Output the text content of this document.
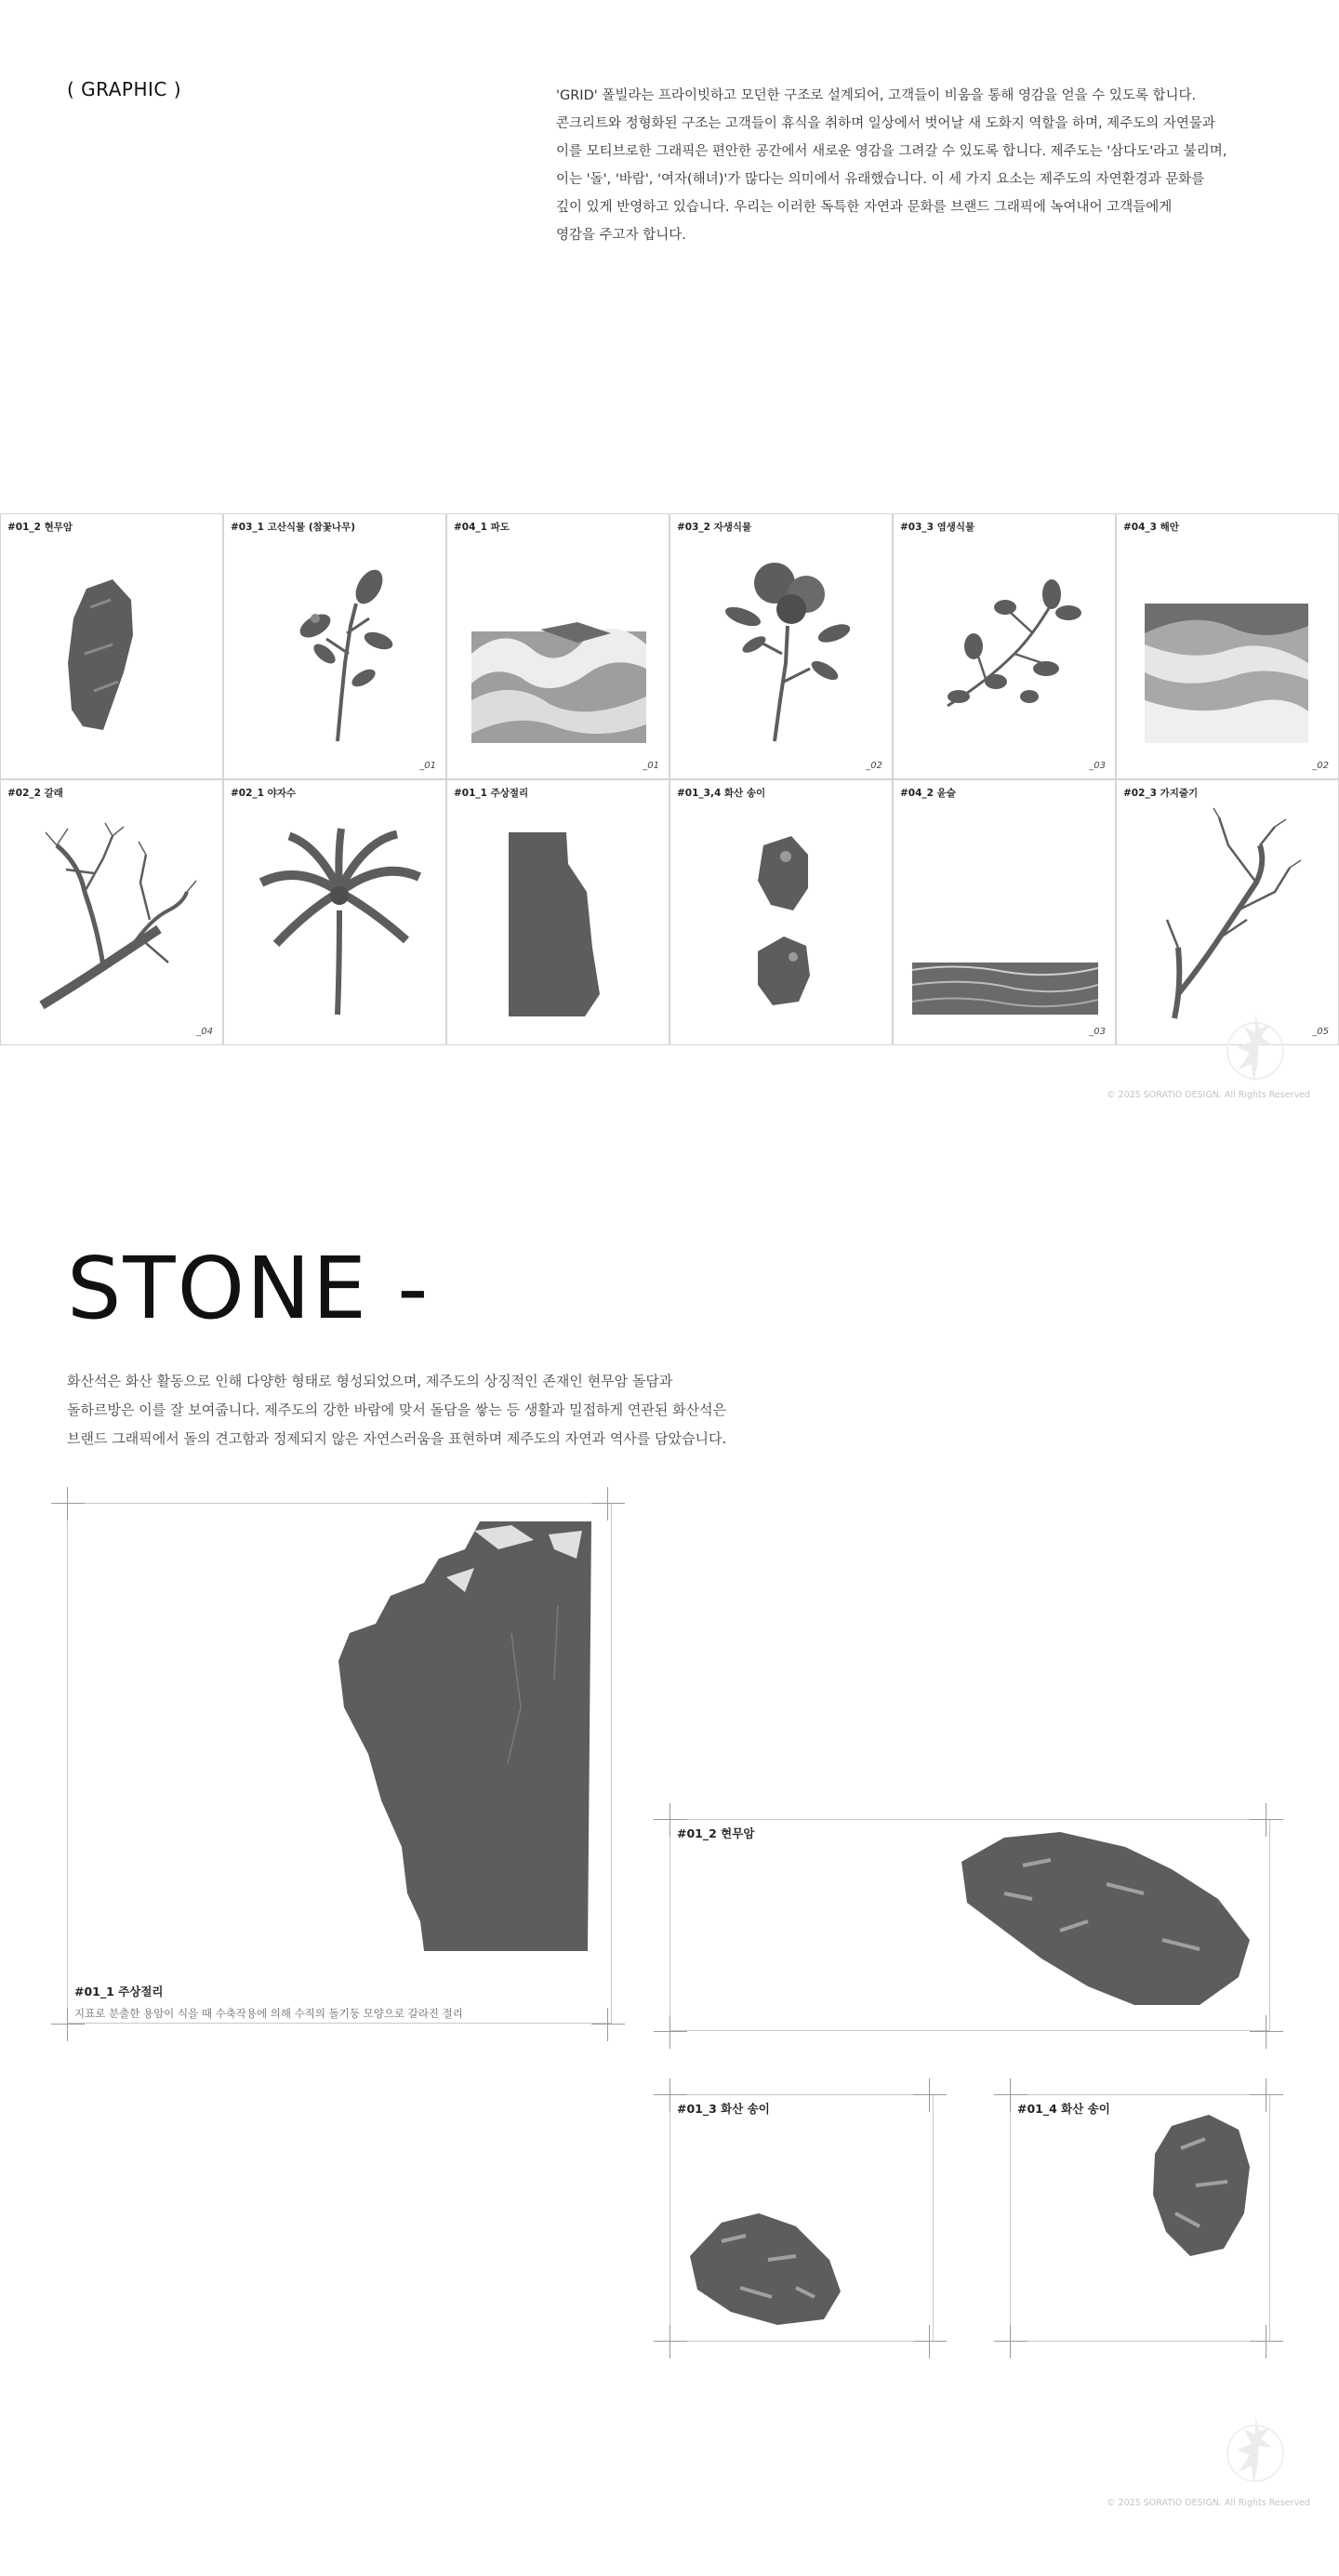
( GRAPHIC )	'GRID' 폴빌라는 프라이빗하고 모던한 구조로 설계되어, 고객들이 비움을 통해 영감을 얻을 수 있도록 합니다.

콘크리트와 정형화된 구조는 고객들이 휴식을 취하며 일상에서 벗어날 새 도화지 역할을 하며, 제주도의 자연물과

이를 모티브로한 그래픽은 편안한 공간에서 새로운 영감을 그려갈 수 있도록 합니다. 제주도는 '삼다도'라고 불리며,

이는 '돌', '바람', '여자(해녀)'가 많다는 의미에서 유래했습니다. 이 세 가지 요소는 제주도의 자연환경과 문화를

깊이 있게 반영하고 있습니다. 우리는 이러한 독특한 자연과 문화를 브랜드 그래픽에 녹여내어 고객들에게

영감을 주고자 합니다.

#01_2 현무암	#03_1 고산식물 (참꽃나무)
_01
#04_1 파도
_01
#03_2 자생식물
_02
#03_3 염생식물
_03
#04_3 해안
_02
#02_2 갈래
_04
#02_1 야자수	#01_1 주상절리	#01_3,4 화산 송이	#04_2 윤슬
_03
#02_3 가지줄기
_05
© 2025 SORATIO DESIGN. All Rights Reserved
STONE -

화산석은 화산 활동으로 인해 다양한 형태로 형성되었으며, 제주도의 상징적인 존재인 현무암 돌담과

돌하르방은 이를 잘 보여줍니다. 제주도의 강한 바람에 맞서 돌담을 쌓는 등 생활과 밀접하게 연관된 화산석은

브랜드 그래픽에서 돌의 견고함과 정제되지 않은 자연스러움을 표현하며 제주도의 자연과 역사를 담았습니다.

#01_1 주상절리
지표로 분출한 용암이 식을 때 수축작용에 의해 수직의 돌기둥 모양으로 갈라진 절리
#01_2 현무암
#01_3 화산 송이	#01_4 화산 송이
© 2025 SORATIO DESIGN. All Rights Reserved
